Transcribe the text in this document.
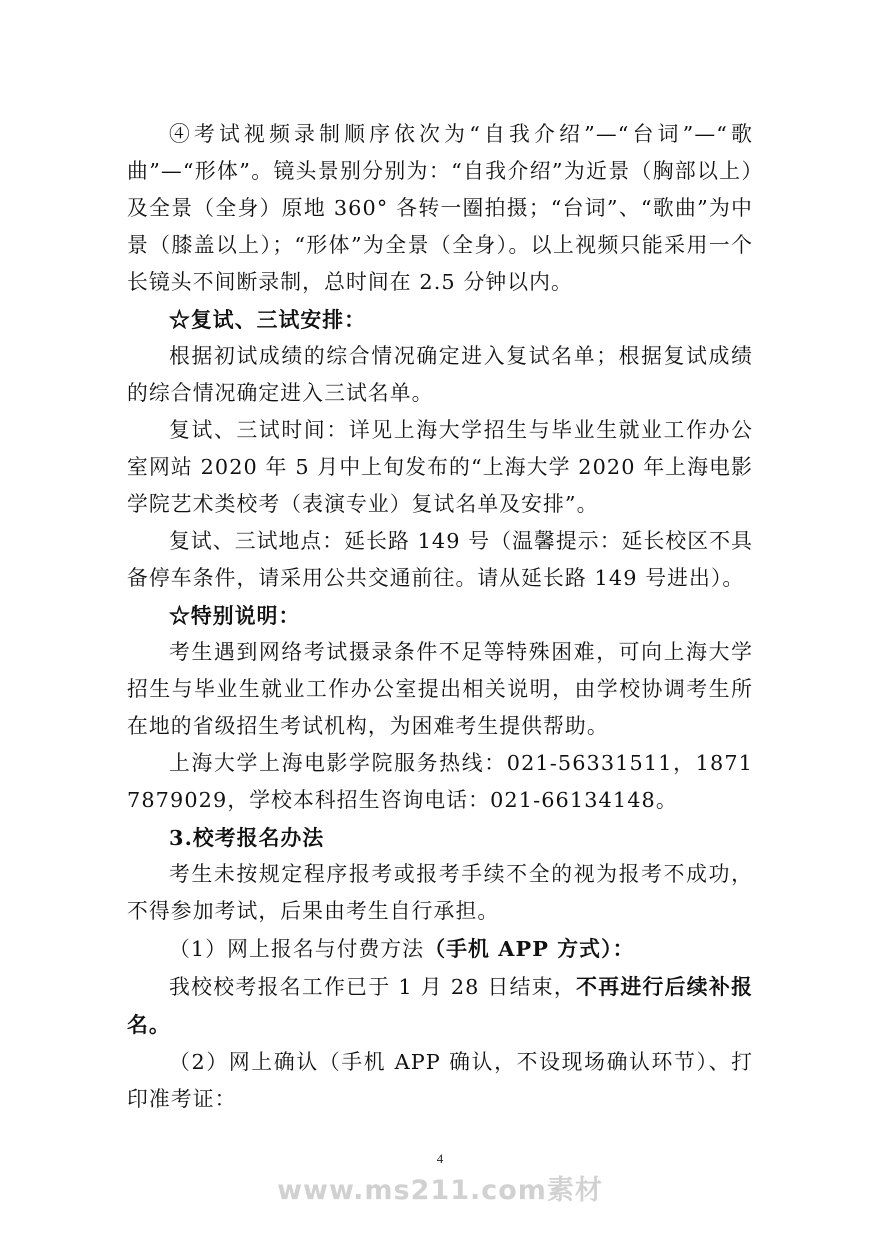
④考试视频录制顺序依次为“自我介绍”—“台词”—“歌曲”—“形体”。镜头景别分别为：“自我介绍”为近景（胸部以上）及全景（全身）原地 360° 各转一圈拍摄；“台词”、“歌曲”为中景（膝盖以上）；“形体”为全景（全身）。以上视频只能采用一个长镜头不间断录制，总时间在 2.5 分钟以内。

☆复试、三试安排：

根据初试成绩的综合情况确定进入复试名单；根据复试成绩的综合情况确定进入三试名单。

复试、三试时间：详见上海大学招生与毕业生就业工作办公室网站 2020 年 5 月中上旬发布的“上海大学 2020 年上海电影学院艺术类校考（表演专业）复试名单及安排”。

复试、三试地点：延长路 149 号（温馨提示：延长校区不具备停车条件，请采用公共交通前往。请从延长路 149 号进出）。

☆特别说明：

考生遇到网络考试摄录条件不足等特殊困难，可向上海大学招生与毕业生就业工作办公室提出相关说明，由学校协调考生所在地的省级招生考试机构，为困难考生提供帮助。

上海大学上海电影学院服务热线：021-56331511，18717879029，学校本科招生咨询电话：021-66134148。

3.校考报名办法

考生未按规定程序报考或报考手续不全的视为报考不成功，不得参加考试，后果由考生自行承担。

（1）网上报名与付费方法（手机 APP 方式）：

我校校考报名工作已于 1 月 28 日结束，不再进行后续补报名。

（2）网上确认（手机 APP 确认，不设现场确认环节）、打印准考证：

4
www.ms211.com素材
